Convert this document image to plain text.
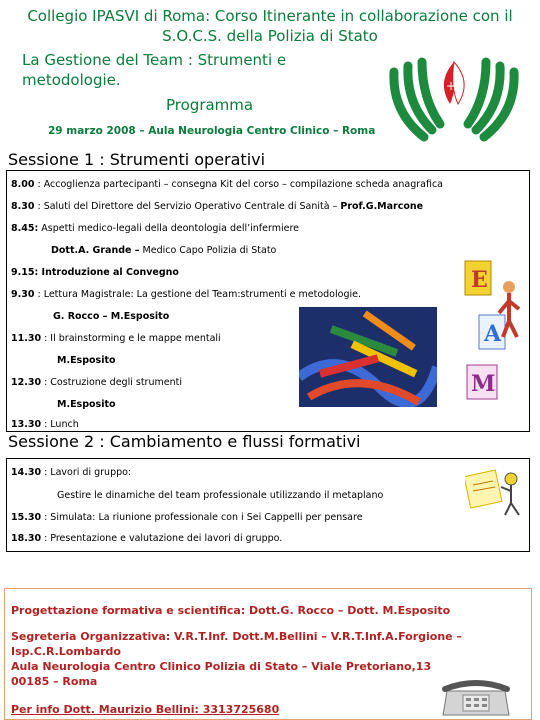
Collegio IPASVI di Roma: Corso Itinerante in collaborazione con il
S.O.C.S. della Polizia di Stato
La Gestione del Team : Strumenti e
metodologie.
Programma
29 marzo 2008 – Aula Neurologia Centro Clinico – Roma
+
Sessione 1 : Strumenti operativi
8.00 : Accoglienza partecipanti – consegna Kit del corso – compilazione scheda anagrafica
8.30 : Saluti del Direttore del Servizio Operativo Centrale di Sanità – Prof.G.Marcone
8.45: Aspetti medico-legali della deontologia dell’infermiere
Dott.A. Grande – Medico Capo Polizia di Stato
9.15: Introduzione al Convegno
9.30 : Lettura Magistrale: La gestione del Team:strumenti e metodologie.
G. Rocco – M.Esposito
11.30 : Il brainstorming e le mappe mentali
M.Esposito
12.30 : Costruzione degli strumenti
M.Esposito
13.30 : Lunch
E
A
M
Sessione 2 : Cambiamento e flussi formativi
14.30 : Lavori di gruppo:
Gestire le dinamiche del team professionale utilizzando il metaplano
15.30 : Simulata: La riunione professionale con i Sei Cappelli per pensare
18.30 : Presentazione e valutazione dei lavori di gruppo.
Progettazione formativa e scientifica: Dott.G. Rocco – Dott. M.Esposito
Segreteria Organizzativa: V.R.T.Inf. Dott.M.Bellini – V.R.T.Inf.A.Forgione –
Isp.C.R.Lombardo
Aula Neurologia Centro Clinico Polizia di Stato – Viale Pretoriano,13
00185 – Roma
Per info Dott. Maurizio Bellini: 3313725680
